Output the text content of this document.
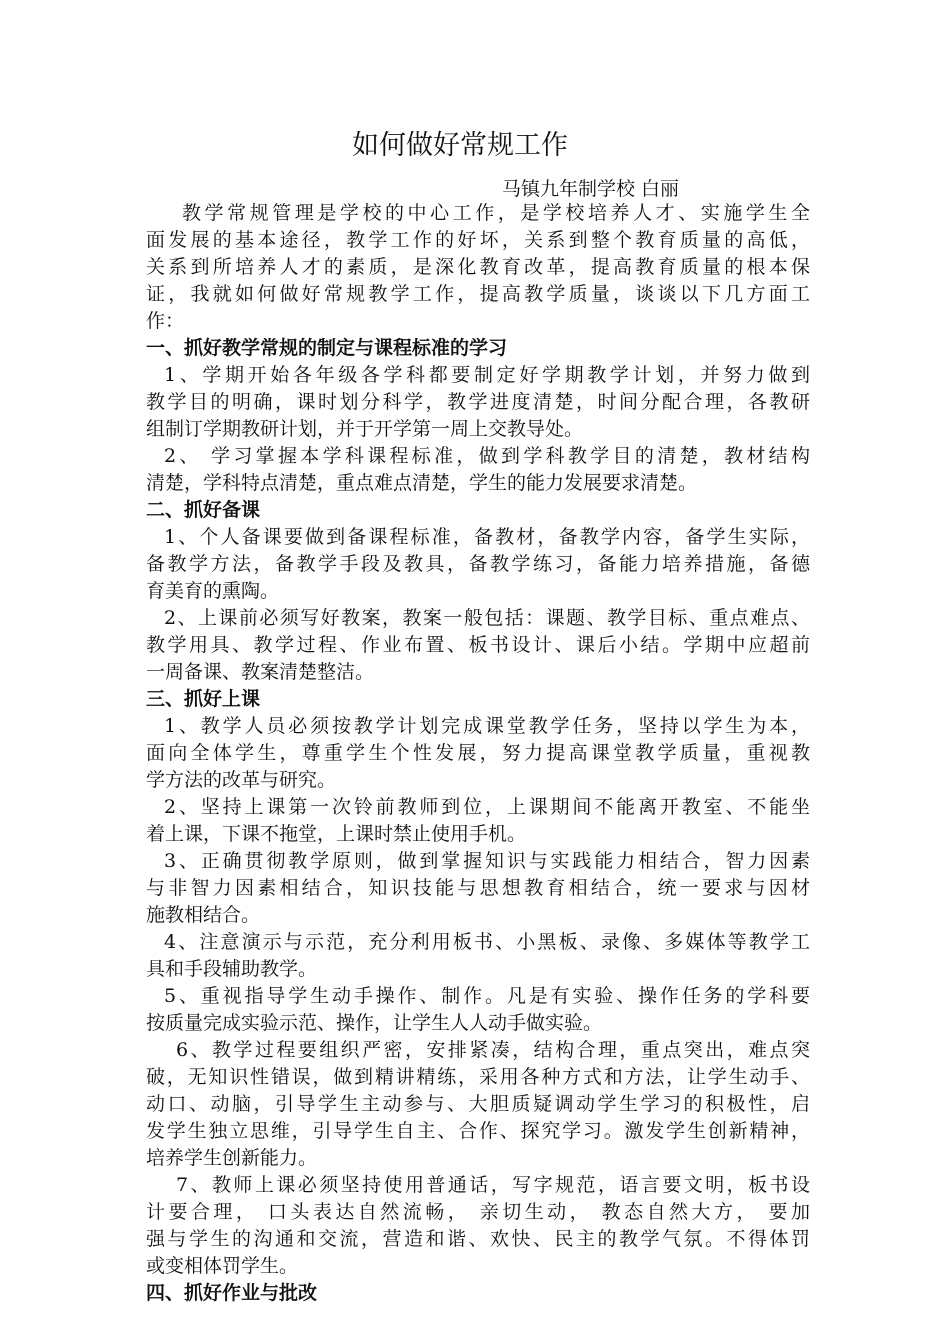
如何做好常规工作
马镇九年制学校 白丽
教学常规管理是学校的中心工作，是学校培养人才、实施学生全
面发展的基本途径，教学工作的好坏，关系到整个教育质量的高低，
关系到所培养人才的素质，是深化教育改革，提高教育质量的根本保
证，我就如何做好常规教学工作，提高教学质量，谈谈以下几方面工
作：
一、抓好教学常规的制定与课程标准的学习
1、学期开始各年级各学科都要制定好学期教学计划，并努力做到
教学目的明确，课时划分科学，教学进度清楚，时间分配合理，各教研
组制订学期教研计划，并于开学第一周上交教导处。
2、 学习掌握本学科课程标准，做到学科教学目的清楚，教材结构
清楚，学科特点清楚，重点难点清楚，学生的能力发展要求清楚。
二、抓好备课
1、个人备课要做到备课程标准，备教材，备教学内容，备学生实际，
备教学方法，备教学手段及教具，备教学练习，备能力培养措施，备德
育美育的熏陶。
2、上课前必须写好教案，教案一般包括：课题、教学目标、重点难点、
教学用具、教学过程、作业布置、板书设计、课后小结。学期中应超前
一周备课、教案清楚整洁。
三、抓好上课
1、教学人员必须按教学计划完成课堂教学任务，坚持以学生为本，
面向全体学生，尊重学生个性发展，努力提高课堂教学质量，重视教
学方法的改革与研究。
2、坚持上课第一次铃前教师到位，上课期间不能离开教室、不能坐
着上课，下课不拖堂，上课时禁止使用手机。
3、正确贯彻教学原则，做到掌握知识与实践能力相结合，智力因素
与非智力因素相结合，知识技能与思想教育相结合，统一要求与因材
施教相结合。
4、注意演示与示范，充分利用板书、小黑板、录像、多媒体等教学工
具和手段辅助教学。
5、重视指导学生动手操作、制作。凡是有实验、操作任务的学科要
按质量完成实验示范、操作，让学生人人动手做实验。
6、教学过程要组织严密，安排紧凑，结构合理，重点突出，难点突
破，无知识性错误，做到精讲精练，采用各种方式和方法，让学生动手、
动口、动脑，引导学生主动参与、大胆质疑调动学生学习的积极性，启
发学生独立思维，引导学生自主、合作、探究学习。激发学生创新精神，
培养学生创新能力。
7、教师上课必须坚持使用普通话，写字规范，语言要文明，板书设
计要合理， 口头表达自然流畅， 亲切生动， 教态自然大方， 要加
强与学生的沟通和交流，营造和谐、欢快、民主的教学气氛。不得体罚
或变相体罚学生。
四、抓好作业与批改
